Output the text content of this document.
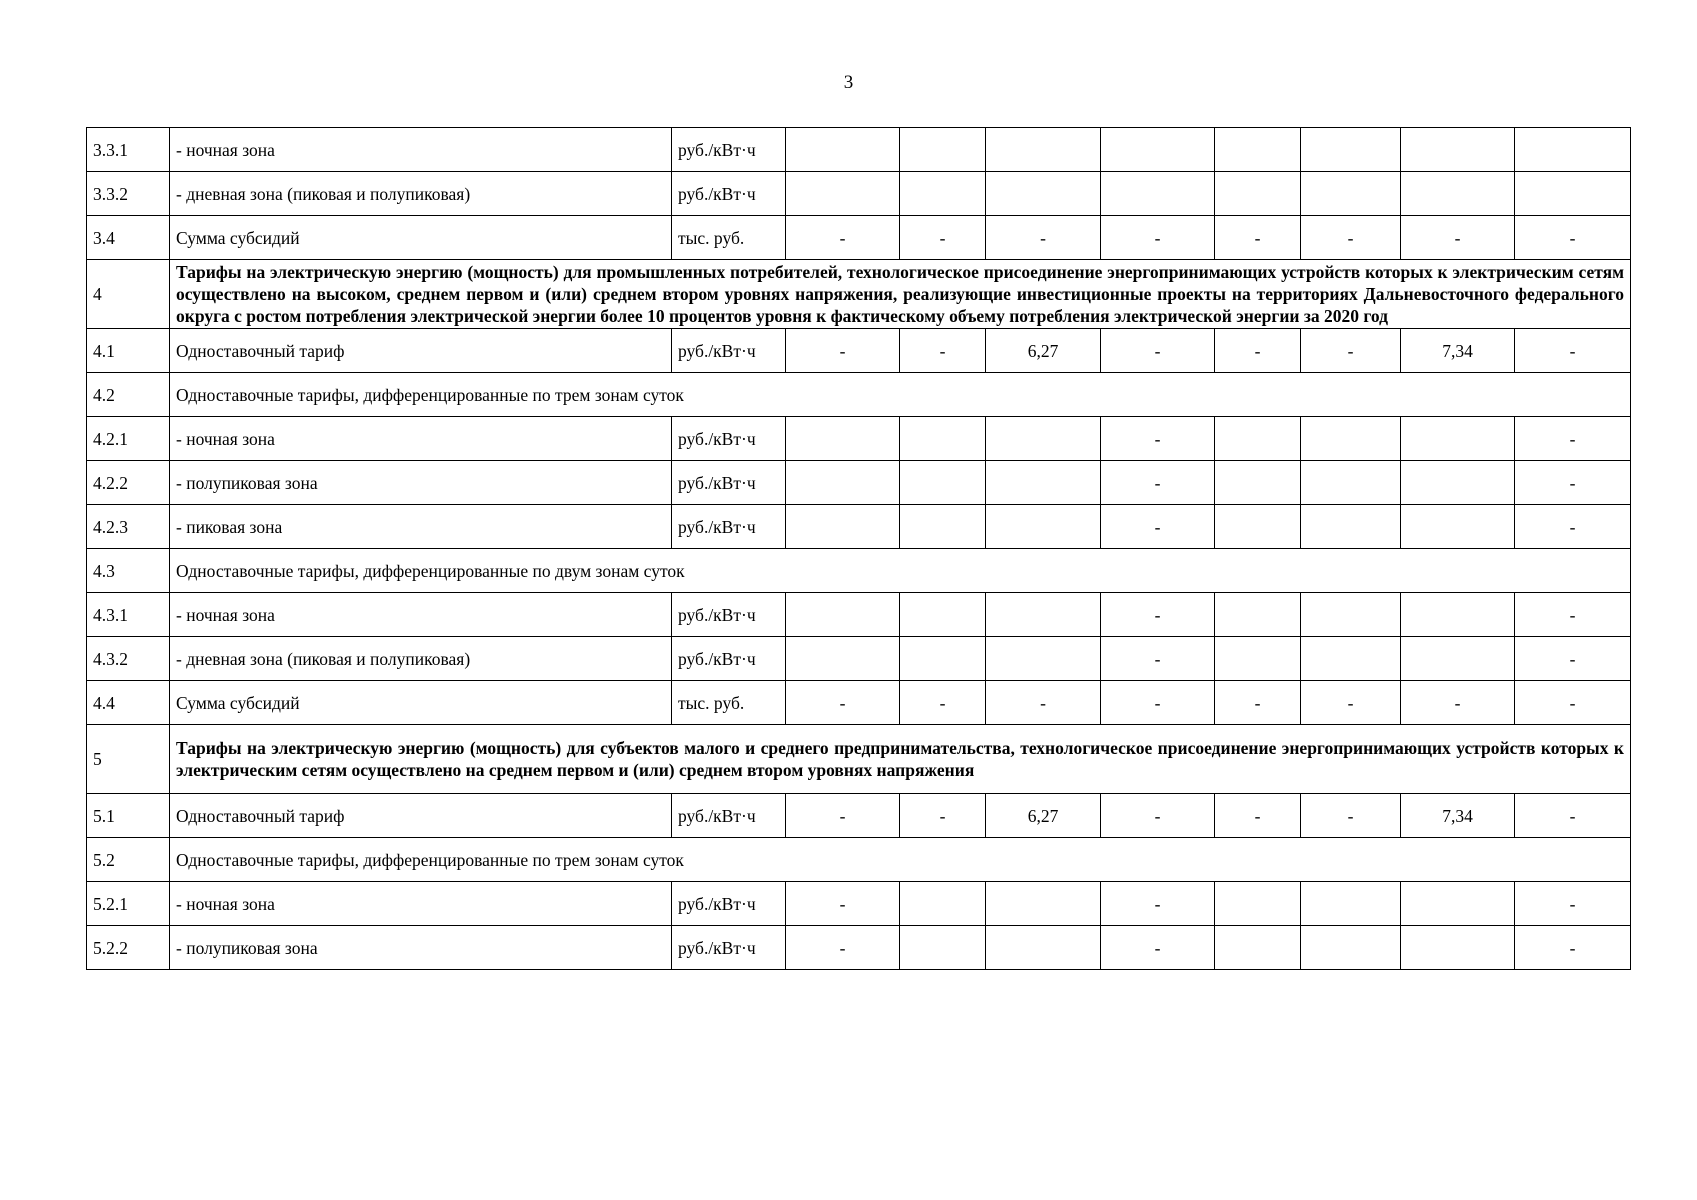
3
3.3.1	- ночная зона	руб./кВт·ч								
3.3.2	- дневная зона (пиковая и полупиковая)	руб./кВт·ч								
3.4	Сумма субсидий	тыс. руб.	-	-	-	-	-	-	-	-
4	Тарифы на электрическую энергию (мощность) для промышленных потребителей, технологическое присоединение энергопринимающих устройств которых к электрическим сетям осуществлено на высоком, среднем первом и (или) среднем втором уровнях напряжения, реализующие инвестиционные проекты на территориях Дальневосточного федерального округа с ростом потребления электрической энергии более 10 процентов уровня к фактическому объему потребления электрической энергии за 2020 год									
4.1	Одноставочный тариф	руб./кВт·ч	-	-	6,27	-	-	-	7,34	-
4.2	Одноставочные тарифы, дифференцированные по трем зонам суток									
4.2.1	- ночная зона	руб./кВт·ч				-				-
4.2.2	- полупиковая зона	руб./кВт·ч				-				-
4.2.3	- пиковая зона	руб./кВт·ч				-				-
4.3	Одноставочные тарифы, дифференцированные по двум зонам суток									
4.3.1	- ночная зона	руб./кВт·ч				-				-
4.3.2	- дневная зона (пиковая и полупиковая)	руб./кВт·ч				-				-
4.4	Сумма субсидий	тыс. руб.	-	-	-	-	-	-	-	-
5	Тарифы на электрическую энергию (мощность) для субъектов малого и среднего предпринимательства, технологическое присоединение энергопринимающих устройств которых к электрическим сетям осуществлено на среднем первом и (или) среднем втором уровнях напряжения									
5.1	Одноставочный тариф	руб./кВт·ч	-	-	6,27	-	-	-	7,34	-
5.2	Одноставочные тарифы, дифференцированные по трем зонам суток									
5.2.1	- ночная зона	руб./кВт·ч	-			-				-
5.2.2	- полупиковая зона	руб./кВт·ч	-			-				-
